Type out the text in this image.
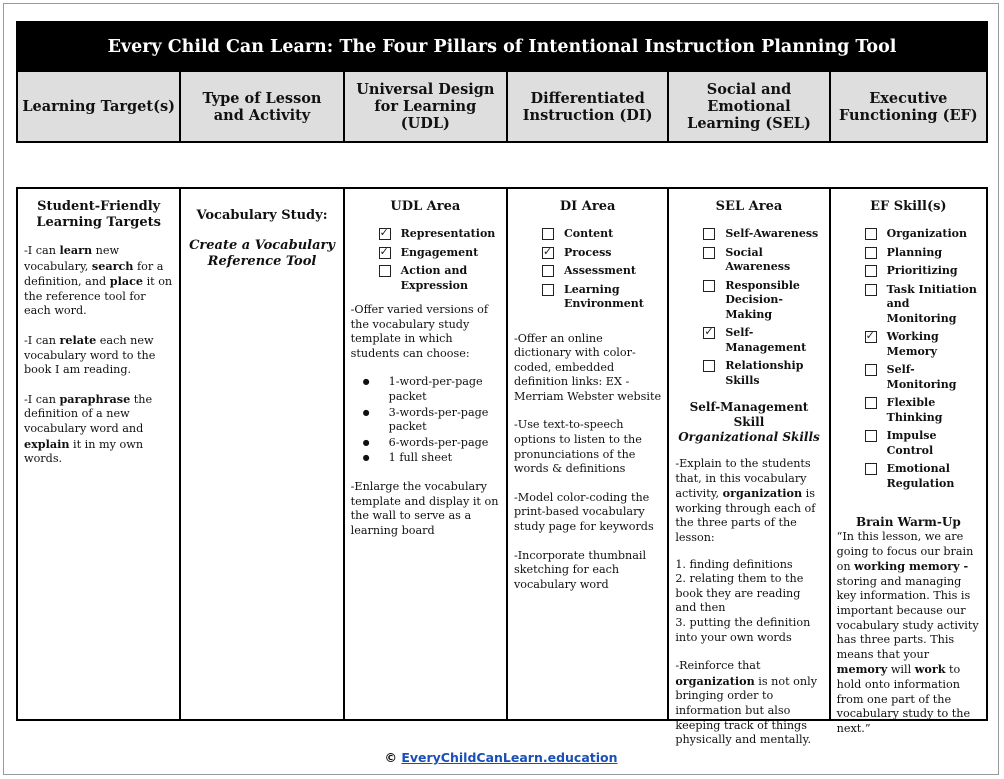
Every Child Can Learn: The Four Pillars of Intentional Instruction Planning Tool
Learning Target(s)	Type of Lesson and Activity
Universal Design for Learning (UDL)
Differentiated Instruction (DI)
Social and Emotional Learning (SEL)
Executive Functioning (EF)
Student-Friendly Learning Targets

-I can learn new vocabulary, search for a definition, and place it on the reference tool for each word.

-I can relate each new vocabulary word to the book I am reading.

-I can paraphrase the definition of a new vocabulary word and explain it in my own words.

Vocabulary Study:
Create a Vocabulary Reference Tool
UDL Area
✓
Representation
✓
Engagement
Action and Expression

-Offer varied versions of the vocabulary study template in which students can choose:

● 1-word-per-page packet
● 3-words-per-page packet
● 6-words-per-page
● 1 full sheet

-Enlarge the vocabulary template and display it on the wall to serve as a learning board

DI Area
Content
✓
Process
Assessment
Learning Environment

-Offer an online dictionary with color-coded, embedded definition links: EX -Merriam Webster website

-Use text-to-speech options to listen to the pronunciations of the words & definitions

-Model color-coding the print-based vocabulary study page for keywords

-Incorporate thumbnail sketching for each vocabulary word

SEL Area
Self-Awareness
Social Awareness
Responsible Decision-Making
✓
Self-Management
Relationship Skills
Self-Management Skill
Organizational Skills

-Explain to the students that, in this vocabulary activity, organization is working through each of the three parts of the lesson:

1. finding definitions
2. relating them to the book they are reading and then
3. putting the definition into your own words

-Reinforce that organization is not only bringing order to information but also keeping track of things physically and mentally.

EF Skill(s)
Organization
Planning
Prioritizing
Task Initiation and Monitoring
✓
Working Memory
Self-Monitoring
Flexible Thinking
Impulse Control
Emotional Regulation
Brain Warm-Up

“In this lesson, we are going to focus our brain on working memory - storing and managing key information. This is important because our vocabulary study activity has three parts. This means that your memory will work to hold onto information from one part of the vocabulary study to the next.”

© EveryChildCanLearn.education
